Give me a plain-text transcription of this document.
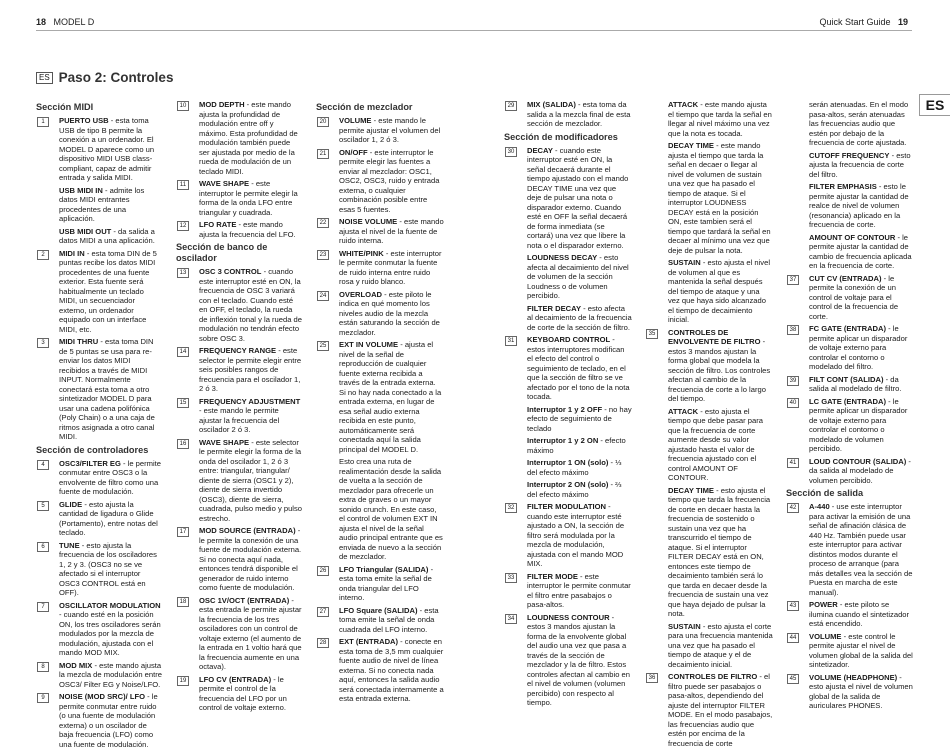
18 MODEL D	Quick Start Guide 19
ES Paso 2: Controles
ES
Sección MIDI
1	PUERTO USB - esta toma USB de tipo B permite la conexión a un ordenador. El MODEL D aparece como un dispositivo MIDI USB class-compliant, capaz de admitir entrada y salida MIDI.
USB MIDI IN - admite los datos MIDI entrantes procedentes de una aplicación.
USB MIDI OUT - da salida a datos MIDI a una aplicación.
2	MIDI IN - esta toma DIN de 5 puntas recibe los datos MIDI procedentes de una fuente exterior. Esta fuente será habitualmente un teclado MIDI, un secuenciador externo, un ordenador equipado con un interface MIDI, etc.
3	MIDI THRU - esta toma DIN de 5 puntas se usa para re-enviar los datos MIDI recibidos a través de MIDI INPUT. Normalmente conectará esta toma a otro sintetizador MODEL D para usar una cadena polifónica (Poly Chain) o a una caja de ritmos asignada a otro canal MIDI.
Sección de controladores
4	OSC3/FILTER EG - le permite conmutar entre OSC3 o la envolvente de filtro como una fuente de modulación.
5	GLIDE - esto ajusta la cantidad de ligadura o Glide (Portamento), entre notas del teclado.
6	TUNE - esto ajusta la frecuencia de los osciladores 1, 2 y 3. (OSC3 no se ve afectado si el interruptor OSC3 CONTROL está en OFF).
7	OSCILLATOR MODULATION - cuando esté en la posición ON, los tres osciladores serán modulados por la mezcla de modulación, ajustada con el mando MOD MIX.
8	MOD MIX - este mando ajusta la mezcla de modulación entre OSC3/ Filter EG y Noise/LFO.
9	NOISE (MOD SRC)/ LFO - le permite conmutar entre ruido (o una fuente de modulación externa) o un oscilador de baja frecuencia (LFO) como una fuente de modulación.
10	MOD DEPTH - este mando ajusta la profundidad de modulación entre off y máximo. Esta profundidad de modulación también puede ser ajustada por medio de la rueda de modulación de un teclado MIDI.
11	WAVE SHAPE - este interruptor le permite elegir la forma de la onda LFO entre triangular y cuadrada.
12	LFO RATE - este mando ajusta la frecuencia del LFO.
Sección de banco de oscilador
13	OSC 3 CONTROL - cuando este interruptor esté en ON, la frecuencia de OSC 3 variará con el teclado. Cuando esté en OFF, el teclado, la rueda de inflexión tonal y la rueda de modulación no tendrán efecto sobre OSC 3.
14	FREQUENCY RANGE - este selector le permite elegir entre seis posibles rangos de frecuencia para el oscilador 1, 2 ó 3.
15	FREQUENCY ADJUSTMENT - este mando le permite ajustar la frecuencia del oscilador 2 ó 3.
16	WAVE SHAPE - este selector le permite elegir la forma de la onda del oscilador 1, 2 ó 3 entre: triangular, triangular/ diente de sierra (OSC1 y 2), diente de sierra invertido (OSC3), diente de sierra, cuadrada, pulso medio y pulso estrecho.
17	MOD SOURCE (ENTRADA) - le permite la conexión de una fuente de modulación externa. Si no conecta aquí nada, entonces tendrá disponible el generador de ruido interno como fuente de modulación.
18	OSC 1V/OCT (ENTRADA) - esta entrada le permite ajustar la frecuencia de los tres osciladores con un control de voltaje externo (el aumento de la entrada en 1 voltio hará que la frecuencia aumente en una octava).
19	LFO CV (ENTRADA) - le permite el control de la frecuencia del LFO por un control de voltaje externo.
Sección de mezclador
20	VOLUME - este mando le permite ajustar el volumen del oscilador 1, 2 ó 3.
21	ON/OFF - este interruptor le permite elegir las fuentes a enviar al mezclador: OSC1, OSC2, OSC3, ruido y entrada externa, o cualquier combinación posible entre esas 5 fuentes.
22	NOISE VOLUME - este mando ajusta el nivel de la fuente de ruido interna.
23	WHITE/PINK - este interruptor le permite conmutar la fuente de ruido interna entre ruido rosa y ruido blanco.
24	OVERLOAD - este piloto le indica en qué momento los niveles audio de la mezcla están saturando la sección de mezclador.
25	EXT IN VOLUME - ajusta el nivel de la señal de reproducción de cualquier fuente externa recibida a través de la entrada externa. Si no hay nada conectado a la entrada externa, en lugar de esa señal audio externa recibida en este punto, automáticamente será conectada aquí la salida principal del MODEL D.
Esto crea una ruta de realimentación desde la salida de vuelta a la sección de mezclador para ofrecerle un extra de graves o un mayor sonido crunch. En este caso, el control de volumen EXT IN ajusta el nivel de la señal audio principal entrante que es enviada de nuevo a la sección de mezclador.
26	LFO Triangular (SALIDA) - esta toma emite la señal de onda triangular del LFO interno.
27	LFO Square (SALIDA) - esta toma emite la señal de onda cuadrada del LFO interno.
28	EXT (ENTRADA) - conecte en esta toma de 3,5 mm cualquier fuente audio de nivel de línea externa. Si no conecta nada aquí, entonces la salida audio será conectada internamente a esta entrada externa.
29	MIX (SALIDA) - esta toma da salida a la mezcla final de esta sección de mezclador.
Sección de modificadores
30	DECAY - cuando este interruptor esté en ON, la señal decaerá durante el tiempo ajustado con el mando DECAY TIME una vez que deje de pulsar una nota o disparador externo. Cuando esté en OFF la señal decaerá de forma inmediata (se cortará) una vez que libere la nota o el disparador externo.
LOUDNESS DECAY - esto afecta al decaimiento del nivel de volumen de la sección Loudness o de volumen percibido.
FILTER DECAY - esto afecta al decaimiento de la frecuencia de corte de la sección de filtro.
31	KEYBOARD CONTROL - estos interruptores modifican el efecto del control o seguimiento de teclado, en el que la sección de filtro se ve afectado por el tono de la nota tocada.
Interruptor 1 y 2 OFF - no hay efecto de seguimiento de teclado
Interruptor 1 y 2 ON - efecto máximo
Interruptor 1 ON (solo) - ⅓ del efecto máximo
Interruptor 2 ON (solo) - ⅔ del efecto máximo
32	FILTER MODULATION - cuando este interruptor esté ajustado a ON, la sección de filtro será modulada por la mezcla de modulación, ajustada con el mando MOD MIX.
33	FILTER MODE - este interruptor le permite conmutar el filtro entre pasabajos o pasa-altos.
34	LOUDNESS CONTOUR - estos 3 mandos ajustan la forma de la envolvente global del audio una vez que pasa a través de la sección de mezclador y la de filtro. Estos controles afectan al cambio en el nivel de volumen (volumen percibido) con respecto al tiempo.
ATTACK - este mando ajusta el tiempo que tarda la señal en llegar al nivel máximo una vez que la nota es tocada.
DECAY TIME - este mando ajusta el tiempo que tarda la señal en decaer o llegar al nivel de volumen de sustain una vez que ha pasado el tiempo de ataque. Si el interruptor LOUDNESS DECAY está en la posición ON, este tambien será el tiempo que tardará la señal en decaer al mínimo una vez que deje de pulsar la nota.
SUSTAIN - esto ajusta el nivel de volumen al que es mantenida la señal después del tiempo de ataque y una vez que haya sido alcanzado el tiempo de decaimiento inicial.
35	CONTROLES DE ENVOLVENTE DE FILTRO - estos 3 mandos ajustan la forma global que modela la sección de filtro. Los controles afectan al cambio de la frecuencia de corte a lo largo del tiempo.
ATTACK - esto ajusta el tiempo que debe pasar para que la frecuencia de corte aumente desde su valor ajustado hasta el valor de frecuencia ajustado con el control AMOUNT OF CONTOUR.
DECAY TIME - esto ajusta el tiempo que tarda la frecuencia de corte en decaer hasta la frecuencia de sostenido o sustain una vez que ha transcurrido el tiempo de ataque. Si el interruptor FILTER DECAY está en ON, entonces este tiempo de decaimiento también será lo que tarda en decaer desde la frecuencia de sustain una vez que haya dejado de pulsar la nota.
SUSTAIN - esto ajusta el corte para una frecuencia mantenida una vez que ha pasado el tiempo de ataque y el de decaimiento inicial.
36	CONTROLES DE FILTRO - el filtro puede ser pasabajos o pasa-altos, dependiendo del ajuste del interruptor FILTER MODE. En el modo pasabajos, las frecuencias audio que estén por encima de la frecuencia de corte
serán atenuadas. En el modo pasa-altos, serán atenuadas las frecuencias audio que estén por debajo de la frecuencia de corte ajustada.
CUTOFF FREQUENCY - esto ajusta la frecuencia de corte del filtro.
FILTER EMPHASIS - esto le permite ajustar la cantidad de realce de nivel de volumen (resonancia) aplicado en la frecuencia de corte.
AMOUNT OF CONTOUR - le permite ajustar la cantidad de cambio de frecuencia aplicada en la frecuencia de corte.
37	CUT CV (ENTRADA) - le permite la conexión de un control de voltaje para el control de la frecuencia de corte.
38	FC GATE (ENTRADA) - le permite aplicar un disparador de voltaje externo para controlar el contorno o modelado del filtro.
39	FILT CONT (SALIDA) - da salida al modelado de filtro.
40	LC GATE (ENTRADA) - le permite aplicar un disparador de voltaje externo para controlar el contorno o modelado de volumen percibido.
41	LOUD CONTOUR (SALIDA) - da salida al modelado de volumen percibido.
Sección de salida
42	A-440 - use este interruptor para activar la emisión de una señal de afinación clásica de 440 Hz. También puede usar este interruptor para activar distintos modos durante el proceso de arranque (para más detalles vea la sección de Puesta en marcha de este manual).
43	POWER - este piloto se ilumina cuando el sintetizador está encendido.
44	VOLUME - este control le permite ajustar el nivel de volumen global de la salida del sintetizador.
45	VOLUME (HEADPHONE) - esto ajusta el nivel de volumen global de la salida de auriculares PHONES.
